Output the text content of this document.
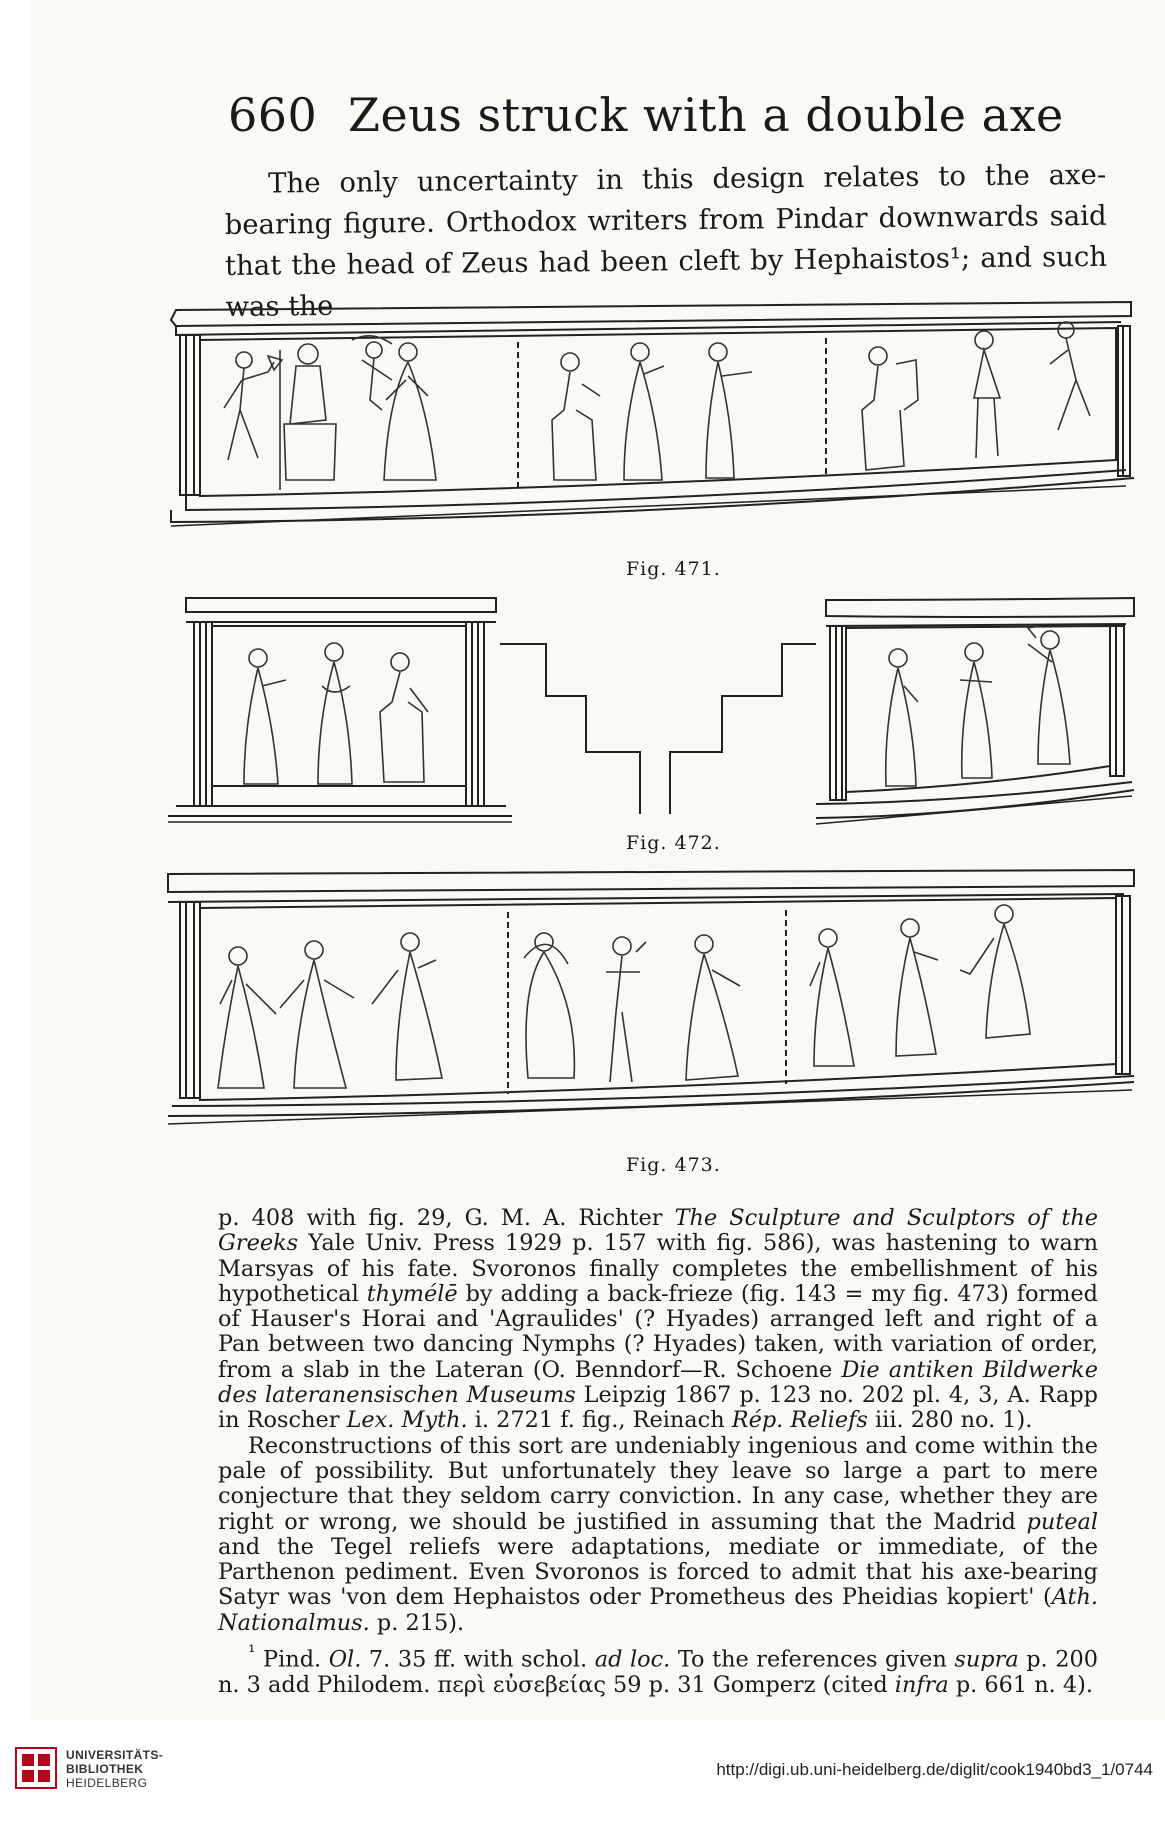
660 Zeus struck with a double axe
The only uncertainty in this design relates to the axe-bearing figure. Orthodox writers from Pindar downwards said that the head of Zeus had been cleft by Hephaistos¹; and such was the
Fig. 471.
Fig. 472.
Fig. 473.

p. 408 with fig. 29, G. M. A. Richter The Sculpture and Sculptors of the Greeks Yale Univ. Press 1929 p. 157 with fig. 586), was hastening to warn Marsyas of his fate. Svoronos finally completes the embellishment of his hypothetical thymélē by adding a back-frieze (fig. 143 = my fig. 473) formed of Hauser's Horai and 'Agraulides' (? Hyades) arranged left and right of a Pan between two dancing Nymphs (? Hyades) taken, with variation of order, from a slab in the Lateran (O. Benndorf—R. Schoene Die antiken Bildwerke des lateranensischen Museums Leipzig 1867 p. 123 no. 202 pl. 4, 3, A. Rapp in Roscher Lex. Myth. i. 2721 f. fig., Reinach Rép. Reliefs iii. 280 no. 1).

Reconstructions of this sort are undeniably ingenious and come within the pale of possibility. But unfortunately they leave so large a part to mere conjecture that they seldom carry conviction. In any case, whether they are right or wrong, we should be justified in assuming that the Madrid puteal and the Tegel reliefs were adaptations, mediate or immediate, of the Parthenon pediment. Even Svoronos is forced to admit that his axe-bearing Satyr was 'von dem Hephaistos oder Prometheus des Pheidias kopiert' (Ath. Nationalmus. p. 215).

$^{^1}$ Pind. Ol. 7. 35 ff. with schol. ad loc. To the references given supra p. 200 n. 3 add Philodem. περὶ εὐσεβείας 59 p. 31 Gomperz (cited infra p. 661 n. 4).

UNIVERSITÄTS-
BIBLIOTHEK
HEIDELBERG
http://digi.ub.uni-heidelberg.de/diglit/cook1940bd3_1/0744
